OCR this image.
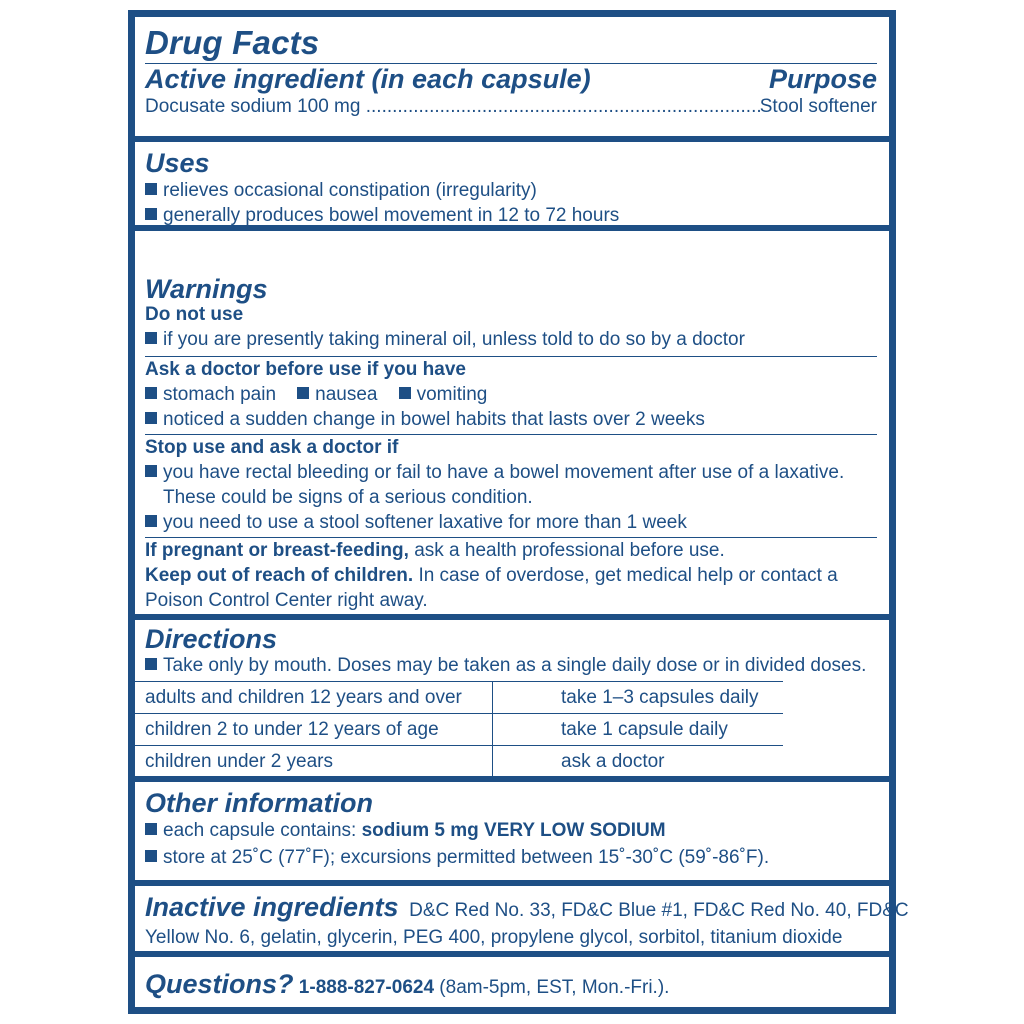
Drug Facts
Active ingredient (in each capsule)	Purpose
Docusate sodium 100 mg .....	Stool softener
Uses
relieves occasional constipation (irregularity)
generally produces bowel movement in 12 to 72 hours
Warnings
Do not use
if you are presently taking mineral oil, unless told to do so by a doctor
Ask a doctor before use if you have
stomach pain nausea vomiting
noticed a sudden change in bowel habits that lasts over 2 weeks
Stop use and ask a doctor if
you have rectal bleeding or fail to have a bowel movement after use of a laxative.
These could be signs of a serious condition.
you need to use a stool softener laxative for more than 1 week
If pregnant or breast-feeding, ask a health professional before use.
Keep out of reach of children. In case of overdose, get medical help or contact a
Poison Control Center right away.
Directions
Take only by mouth. Doses may be taken as a single daily dose or in divided doses.
adults and children 12 years and over	take 1–3 capsules daily
children 2 to under 12 years of age	take 1 capsule daily
children under 2 years	ask a doctor
Other information
each capsule contains: sodium 5 mg VERY LOW SODIUM
store at 25˚C (77˚F); excursions permitted between 15˚-30˚C (59˚-86˚F).
Inactive ingredients D&C Red No. 33, FD&C Blue #1, FD&C Red No. 40, FD&C
Yellow No. 6, gelatin, glycerin, PEG 400, propylene glycol, sorbitol, titanium dioxide
Questions? 1-888-827-0624 (8am-5pm, EST, Mon.-Fri.).
